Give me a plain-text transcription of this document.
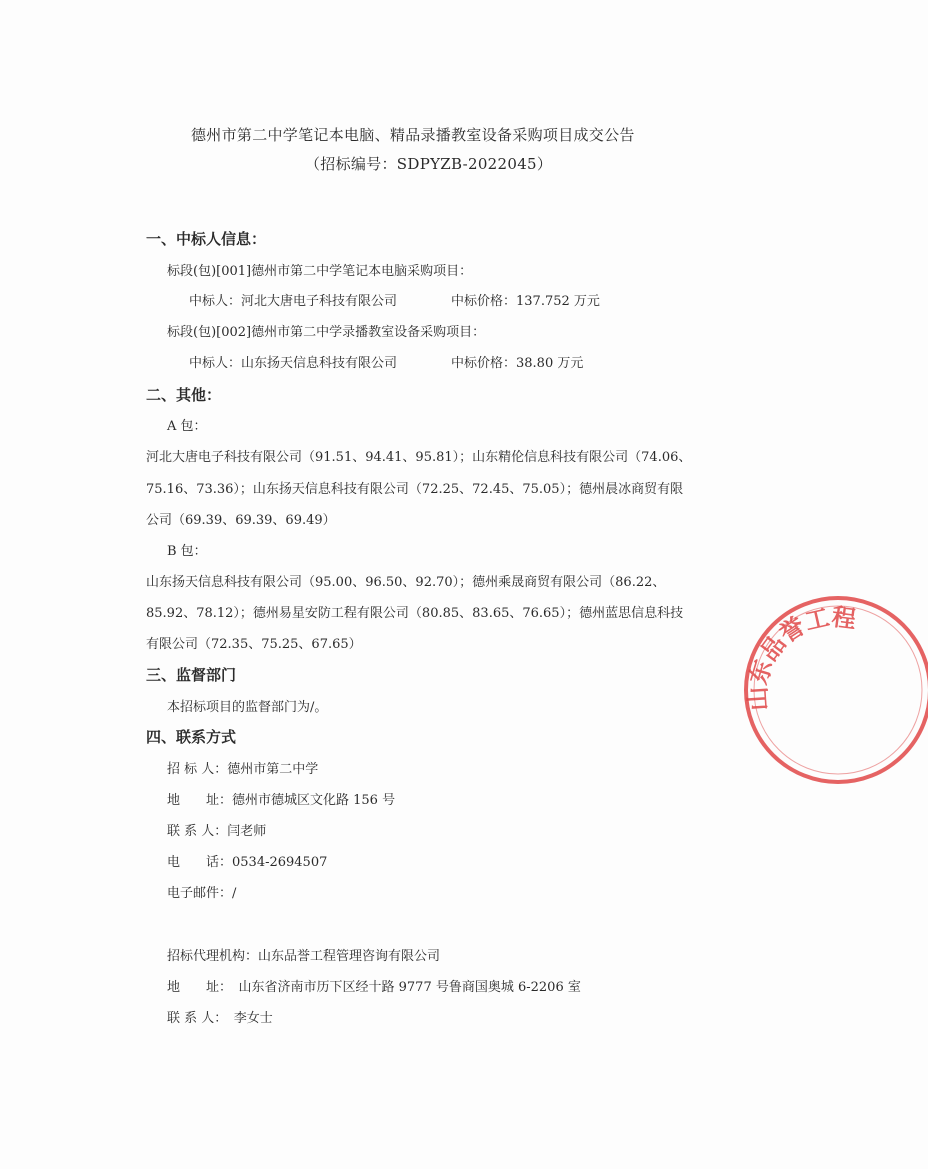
德州市第二中学笔记本电脑、精品录播教室设备采购项目成交公告
（招标编号：SDPYZB-2022045）
一、中标人信息：
标段(包)[001]德州市第二中学笔记本电脑采购项目：
中标人：河北大唐电子科技有限公司	中标价格：137.752 万元
标段(包)[002]德州市第二中学录播教室设备采购项目：
中标人：山东扬天信息科技有限公司	中标价格：38.80 万元
二、其他：
A 包：
河北大唐电子科技有限公司（91.51、94.41、95.81）；山东精伦信息科技有限公司（74.06、
75.16、73.36）；山东扬天信息科技有限公司（72.25、72.45、75.05）；德州晨冰商贸有限
公司（69.39、69.39、69.49）
B 包：
山东扬天信息科技有限公司（95.00、96.50、92.70）；德州乘晟商贸有限公司（86.22、
85.92、78.12）；德州易星安防工程有限公司（80.85、83.65、76.65）；德州蓝思信息科技
有限公司（72.35、75.25、67.65）
三、监督部门
本招标项目的监督部门为/。
四、联系方式
招 标 人：德州市第二中学
地　　址：德州市德城区文化路 156 号
联 系 人：闫老师
电　　话：0534-2694507
电子邮件：/
招标代理机构：山东品誉工程管理咨询有限公司
地　　址：　山东省济南市历下区经十路 9777 号鲁商国奥城 6-2206 室
联 系 人：　李女士
山东品誉工程
